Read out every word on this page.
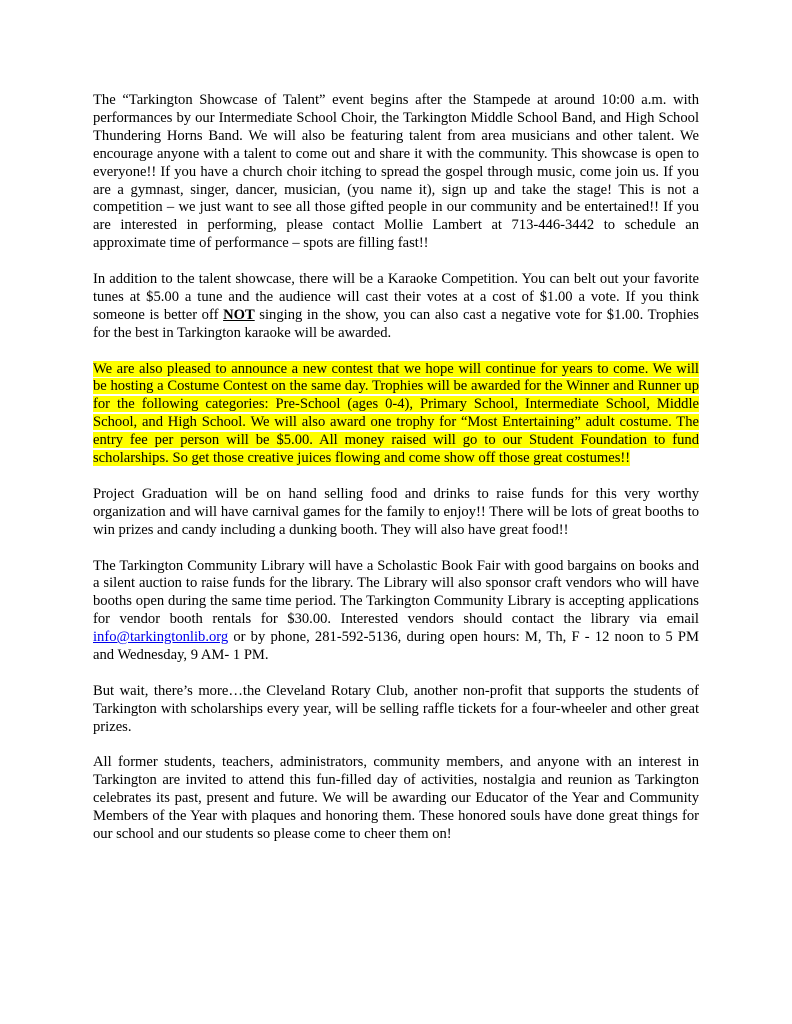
The “Tarkington Showcase of Talent” event begins after the Stampede at around 10:00 a.m. with performances by our Intermediate School Choir, the Tarkington Middle School Band, and High School Thundering Horns Band. We will also be featuring talent from area musicians and other talent. We encourage anyone with a talent to come out and share it with the community. This showcase is open to everyone!! If you have a church choir itching to spread the gospel through music, come join us. If you are a gymnast, singer, dancer, musician, (you name it), sign up and take the stage! This is not a competition – we just want to see all those gifted people in our community and be entertained!! If you are interested in performing, please contact Mollie Lambert at 713-446-3442 to schedule an approximate time of performance – spots are filling fast!!

In addition to the talent showcase, there will be a Karaoke Competition. You can belt out your favorite tunes at $5.00 a tune and the audience will cast their votes at a cost of $1.00 a vote. If you think someone is better off NOT singing in the show, you can also cast a negative vote for $1.00. Trophies for the best in Tarkington karaoke will be awarded.

We are also pleased to announce a new contest that we hope will continue for years to come. We will be hosting a Costume Contest on the same day. Trophies will be awarded for the Winner and Runner up for the following categories: Pre-School (ages 0-4), Primary School, Intermediate School, Middle School, and High School. We will also award one trophy for “Most Entertaining” adult costume. The entry fee per person will be $5.00. All money raised will go to our Student Foundation to fund scholarships. So get those creative juices flowing and come show off those great costumes!!

Project Graduation will be on hand selling food and drinks to raise funds for this very worthy organization and will have carnival games for the family to enjoy!! There will be lots of great booths to win prizes and candy including a dunking booth. They will also have great food!!

The Tarkington Community Library will have a Scholastic Book Fair with good bargains on books and a silent auction to raise funds for the library. The Library will also sponsor craft vendors who will have booths open during the same time period. The Tarkington Community Library is accepting applications for vendor booth rentals for $30.00. Interested vendors should contact the library via email info@tarkingtonlib.org or by phone, 281-592-5136, during open hours: M, Th, F - 12 noon to 5 PM and Wednesday, 9 AM- 1 PM.

But wait, there’s more…the Cleveland Rotary Club, another non-profit that supports the students of Tarkington with scholarships every year, will be selling raffle tickets for a four-wheeler and other great prizes.

All former students, teachers, administrators, community members, and anyone with an interest in Tarkington are invited to attend this fun-filled day of activities, nostalgia and reunion as Tarkington celebrates its past, present and future. We will be awarding our Educator of the Year and Community Members of the Year with plaques and honoring them. These honored souls have done great things for our school and our students so please come to cheer them on!
